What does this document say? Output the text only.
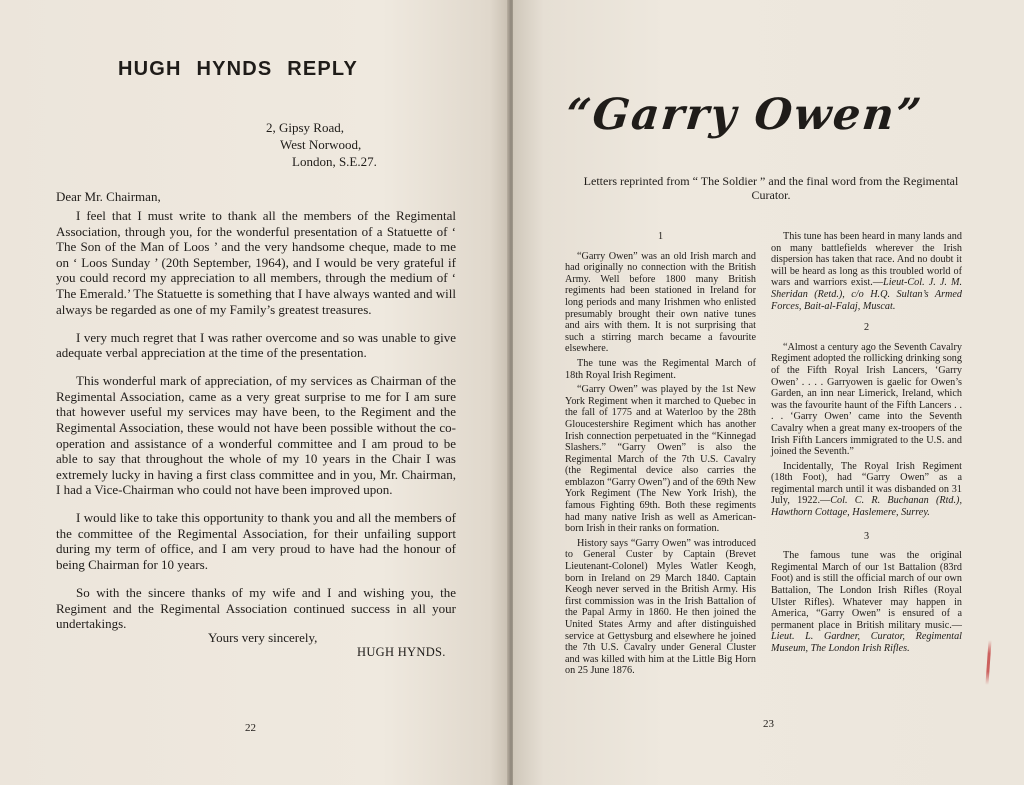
HUGH HYNDS REPLY
2, Gipsy Road,
West Norwood,
London, S.E.27.

Dear Mr. Chairman,

I feel that I must write to thank all the members of the Regimental Association, through you, for the wonderful presentation of a Statuette of ‘ The Son of the Man of Loos ’ and the very handsome cheque, made to me on ‘ Loos Sunday ’ (20th September, 1964), and I would be very grateful if you could record my appreciation to all members, through the medium of ‘ The Emerald.’ The Statuette is something that I have always wanted and will always be regarded as one of my Family’s greatest treasures.

I very much regret that I was rather overcome and so was unable to give adequate verbal appreciation at the time of the presentation.

This wonderful mark of appreciation, of my services as Chairman of the Regimental Association, came as a very great surprise to me for I am sure that however useful my services may have been, to the Regiment and the Regimental Association, these would not have been possible without the co-operation and assistance of a wonderful committee and I am proud to be able to say that throughout the whole of my 10 years in the Chair I was extremely lucky in having a first class committee and in you, Mr. Chairman, I had a Vice-Chairman who could not have been improved upon.

I would like to take this opportunity to thank you and all the members of the committee of the Regimental Association, for their unfailing support during my term of office, and I am very proud to have had the honour of being Chairman for 10 years.

So with the sincere thanks of my wife and I and wishing you, the Regiment and the Regimental Association continued success in all your undertakings.

Yours very sincerely,

HUGH HYNDS.

22
“Garry Owen”

Letters reprinted from “ The Soldier ” and the final word from the Regimental Curator.

1

“Garry Owen” was an old Irish march and had originally no connection with the British Army. Well before 1800 many British regiments had been stationed in Ireland for long periods and many Irishmen who enlisted presumably brought their own native tunes and airs with them. It is not surprising that such a stirring march became a favourite elsewhere.

The tune was the Regimental March of 18th Royal Irish Regiment.

“Garry Owen” was played by the 1st New York Regiment when it marched to Quebec in the fall of 1775 and at Waterloo by the 28th Gloucestershire Regiment which has another Irish connection perpetuated in the “Kinnegad Slashers.” “Garry Owen” is also the Regimental March of the 7th U.S. Cavalry (the Regimental device also carries the emblazon “Garry Owen”) and of the 69th New York Regiment (The New York Irish), the famous Fighting 69th. Both these regiments had many native Irish as well as American-born Irish in their ranks on formation.

History says “Garry Owen” was introduced to General Custer by Captain (Brevet Lieutenant-Colonel) Myles Watler Keogh, born in Ireland on 29 March 1840. Captain Keogh never served in the British Army. His first commission was in the Irish Battalion of the Papal Army in 1860. He then joined the United States Army and after distinguished service at Gettysburg and elsewhere he joined the 7th U.S. Cavalry under General Cluster and was killed with him at the Little Big Horn on 25 June 1876.

This tune has been heard in many lands and on many battlefields wherever the Irish dispersion has taken that race. And no doubt it will be heard as long as this troubled world of wars and warriors exist.—Lieut-Col. J. J. M. Sheridan (Retd.), c/o H.Q. Sultan’s Armed Forces, Bait-al-Falaj, Muscat.

2

“Almost a century ago the Seventh Cavalry Regiment adopted the rollicking drinking song of the Fifth Royal Irish Lancers, ‘Garry Owen’ . . . . Garryowen is gaelic for Owen’s Garden, an inn near Limerick, Ireland, which was the favourite haunt of the Fifth Lancers . . . . ‘Garry Owen’ came into the Seventh Cavalry when a great many ex-troopers of the Irish Fifth Lancers immigrated to the U.S. and joined the Seventh.”

Incidentally, The Royal Irish Regiment (18th Foot), had “Garry Owen” as a regimental march until it was disbanded on 31 July, 1922.—Col. C. R. Buchanan (Rtd.), Hawthorn Cottage, Haslemere, Surrey.

3

The famous tune was the original Regimental March of our 1st Battalion (83rd Foot) and is still the official march of our own Battalion, The London Irish Rifles (Royal Ulster Rifles). Whatever may happen in America, “Garry Owen” is ensured of a permanent place in British military music.—Lieut. L. Gardner, Curator, Regimental Museum, The London Irish Rifles.

23
